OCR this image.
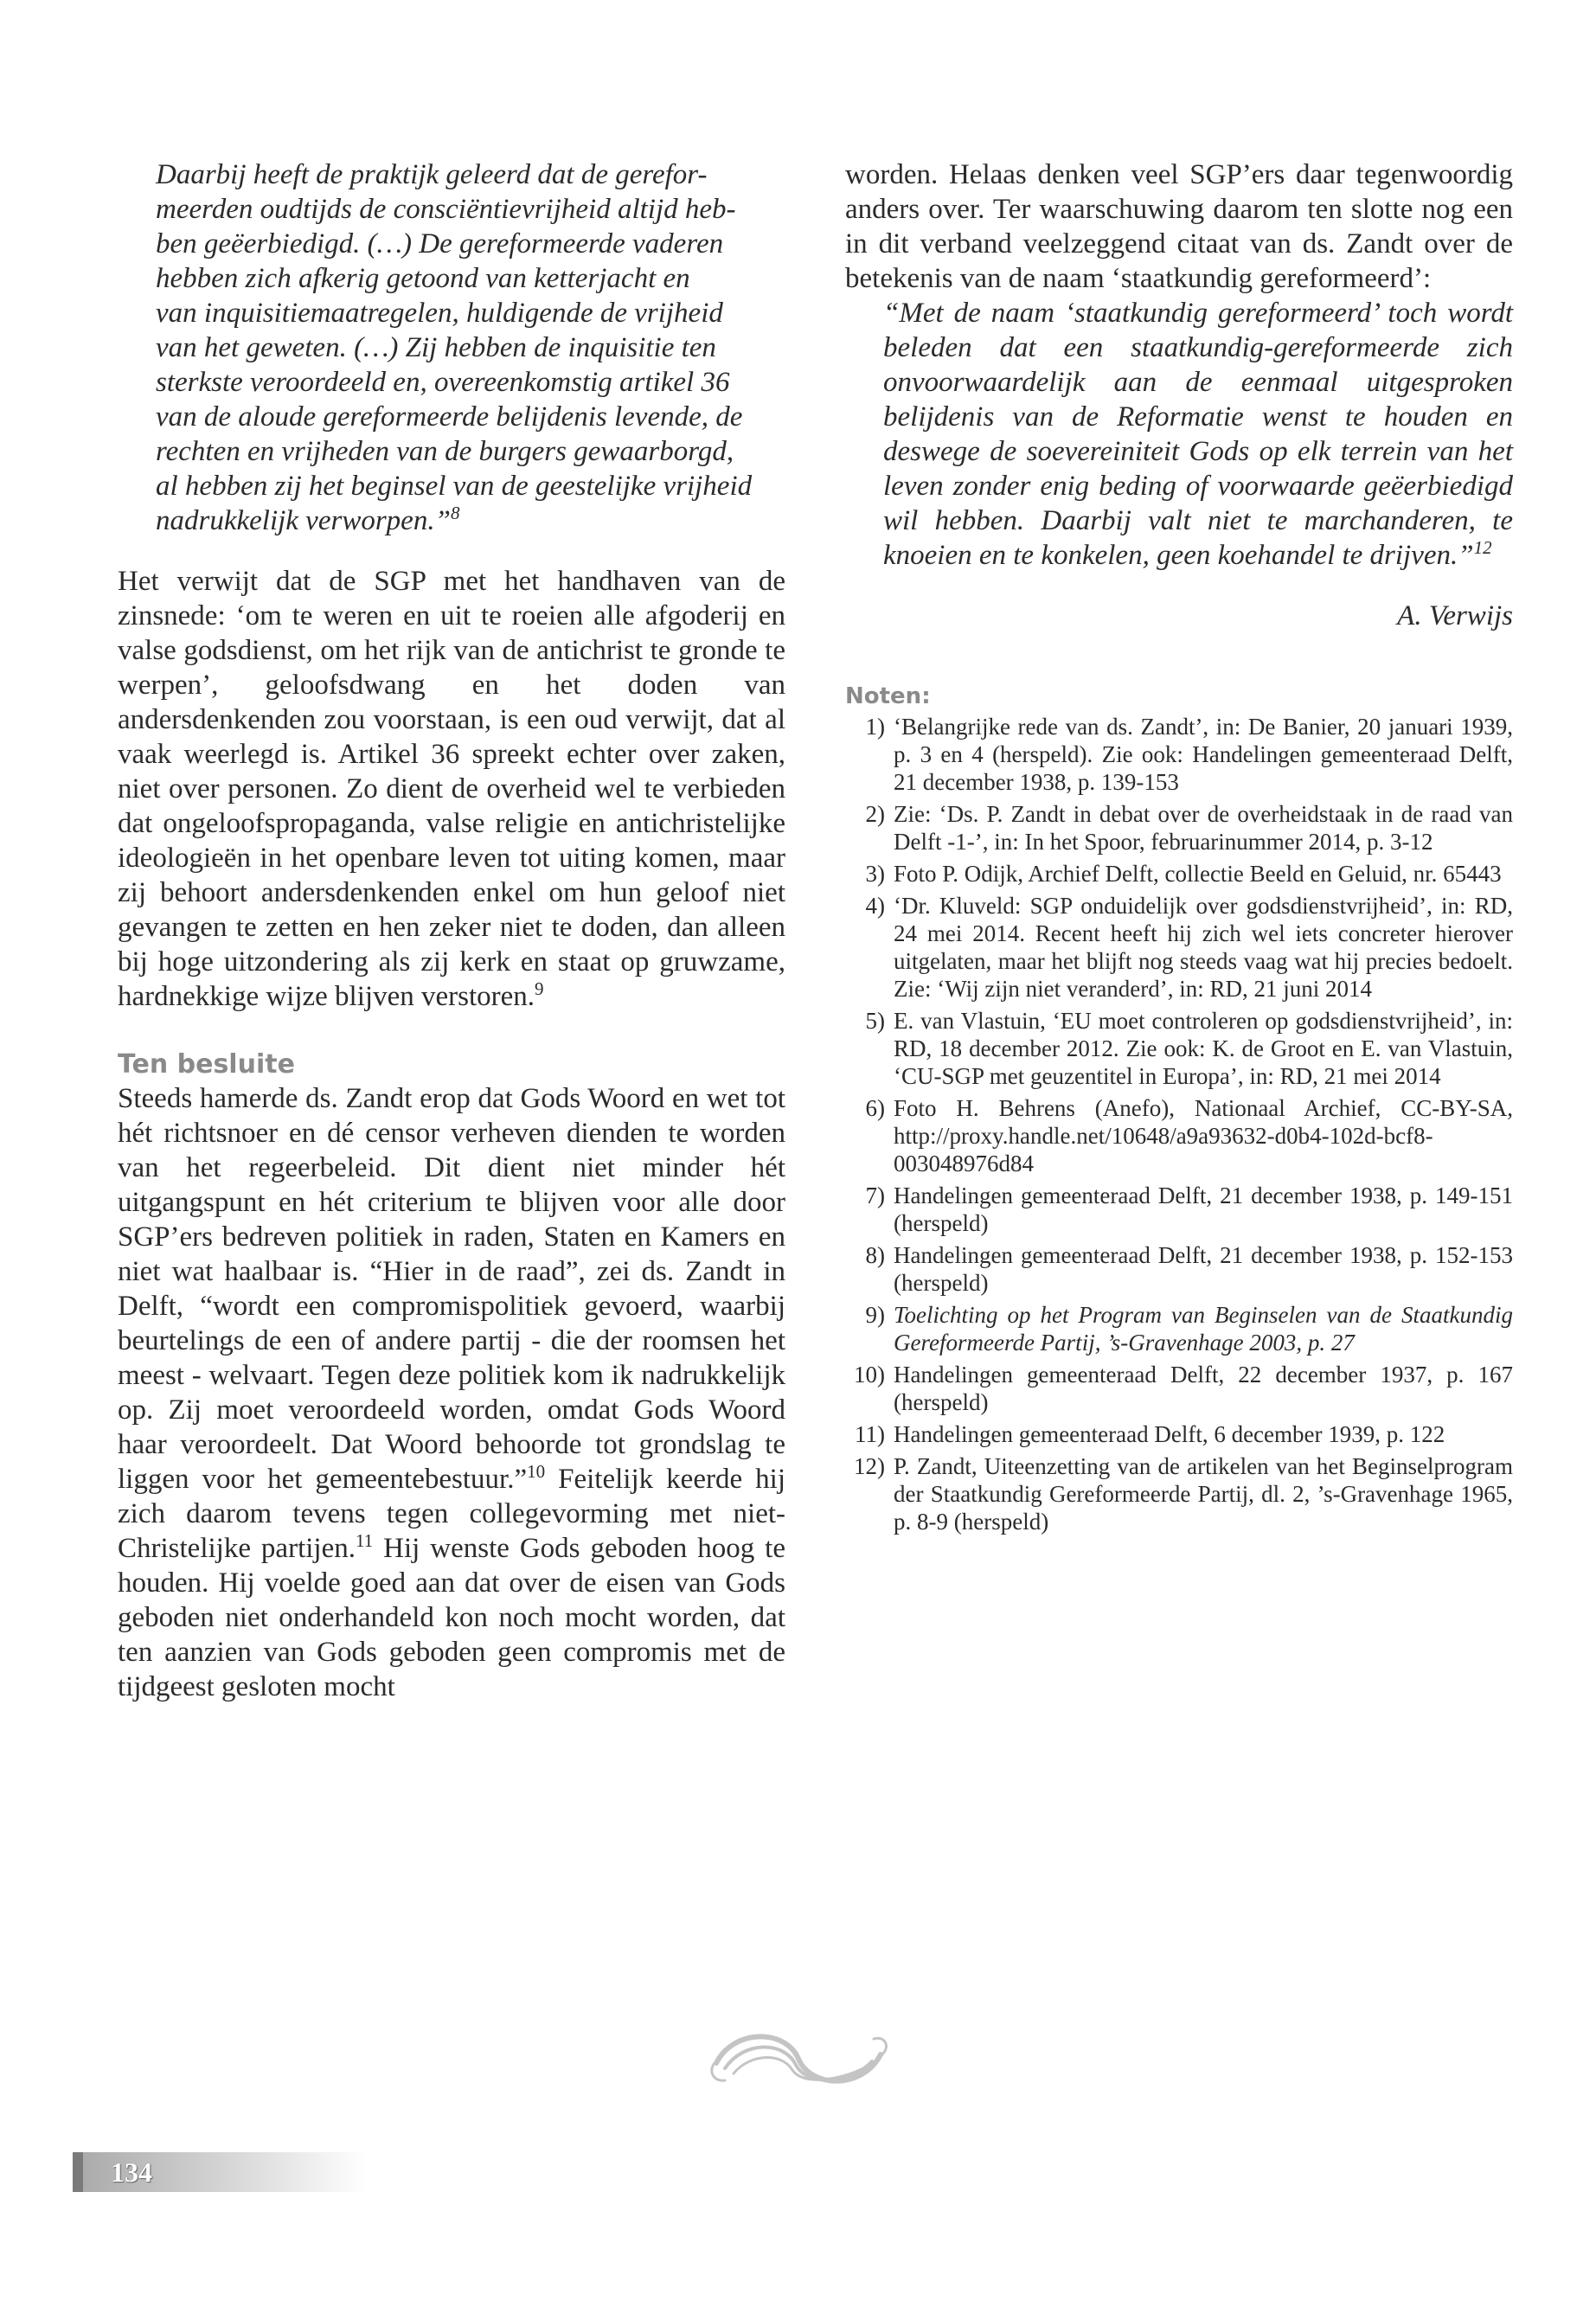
Daarbij heeft de praktijk geleerd dat de gerefor-
meerden oudtijds de consciëntievrijheid altijd heb-
ben geëerbiedigd. (…) De gereformeerde vaderen
hebben zich afkerig getoond van ketterjacht en
van inquisitiemaatregelen, huldigende de vrijheid
van het geweten. (…) Zij hebben de inquisitie ten
sterkste veroordeeld en, overeenkomstig artikel 36
van de aloude gereformeerde belijdenis levende, de
rechten en vrijheden van de burgers gewaarborgd,
al hebben zij het beginsel van de geestelijke vrijheid
nadrukkelijk verworpen.”$^8$

Het verwijt dat de SGP met het handhaven van de zinsnede: ‘om te weren en uit te roeien alle afgoderij en valse godsdienst, om het rijk van de antichrist te gronde te werpen’, geloofsdwang en het doden van andersdenkenden zou voorstaan, is een oud verwijt, dat al vaak weerlegd is. Artikel 36 spreekt echter over zaken, niet over personen. Zo dient de overheid wel te verbieden dat ongeloofspropaganda, valse religie en antichristelijke ideologieën in het openbare leven tot uiting komen, maar zij behoort andersdenkenden enkel om hun geloof niet gevangen te zetten en hen zeker niet te doden, dan alleen bij hoge uitzondering als zij kerk en staat op gruwzame, hardnekkige wijze blijven verstoren.$^9$

Ten besluite

Steeds hamerde ds. Zandt erop dat Gods Woord en wet tot hét richtsnoer en dé censor verheven dienden te worden van het regeerbeleid. Dit dient niet minder hét uitgangspunt en hét criterium te blijven voor alle door SGP’ers bedreven politiek in raden, Staten en Kamers en niet wat haalbaar is. “Hier in de raad”, zei ds. Zandt in Delft, “wordt een compromispolitiek gevoerd, waarbij beurtelings de een of andere partij - die der roomsen het meest - welvaart. Tegen deze politiek kom ik nadrukkelijk op. Zij moet veroordeeld worden, omdat Gods Woord haar veroordeelt. Dat Woord behoorde tot grondslag te liggen voor het gemeentebestuur.”$^{10}$ Feitelijk keerde hij zich daarom tevens tegen collegevorming met niet-Christelijke partijen.$^{11}$ Hij wenste Gods geboden hoog te houden. Hij voelde goed aan dat over de eisen van Gods geboden niet onderhandeld kon noch mocht worden, dat ten aanzien van Gods geboden geen compromis met de tijdgeest gesloten mocht

worden. Helaas denken veel SGP’ers daar tegenwoordig anders over. Ter waarschuwing daarom ten slotte nog een in dit verband veelzeggend citaat van ds. Zandt over de betekenis van de naam ‘staatkundig gereformeerd’:

“Met de naam ‘staatkundig gereformeerd’ toch wordt beleden dat een staatkundig-gereformeerde zich onvoorwaardelijk aan de eenmaal uitgesproken belijdenis van de Reformatie wenst te houden en deswege de soevereiniteit Gods op elk terrein van het leven zonder enig beding of voorwaarde geëerbiedigd wil hebben. Daarbij valt niet te marchanderen, te knoeien en te konkelen, geen koehandel te drijven.”$^{12}$
A. Verwijs
Noten:
1) ‘Belangrijke rede van ds. Zandt’, in: De Banier, 20 januari 1939, p. 3 en 4 (herspeld). Zie ook: Handelingen gemeenteraad Delft, 21 december 1938, p. 139-153
2) Zie: ‘Ds. P. Zandt in debat over de overheidstaak in de raad van Delft -1-’, in: In het Spoor, februarinummer 2014, p. 3-12
3) Foto P. Odijk, Archief Delft, collectie Beeld en Geluid, nr. 65443
4) ‘Dr. Kluveld: SGP onduidelijk over godsdienstvrijheid’, in: RD, 24 mei 2014. Recent heeft hij zich wel iets concreter hierover uitgelaten, maar het blijft nog steeds vaag wat hij precies bedoelt. Zie: ‘Wij zijn niet veranderd’, in: RD, 21 juni 2014
5) E. van Vlastuin, ‘EU moet controleren op godsdienstvrijheid’, in: RD, 18 december 2012. Zie ook: K. de Groot en E. van Vlastuin, ‘CU-SGP met geuzentitel in Europa’, in: RD, 21 mei 2014
6) Foto H. Behrens (Anefo), Nationaal Archief, CC-BY-SA, http://proxy.handle.net/10648/a9a93632-d0b4-102d-bcf8-003048976d84
7) Handelingen gemeenteraad Delft, 21 december 1938, p. 149-151 (herspeld)
8) Handelingen gemeenteraad Delft, 21 december 1938, p. 152-153 (herspeld)
9) Toelichting op het Program van Beginselen van de Staatkundig Gereformeerde Partij, ’s-Gravenhage 2003, p. 27
10) Handelingen gemeenteraad Delft, 22 december 1937, p. 167 (herspeld)
11) Handelingen gemeenteraad Delft, 6 december 1939, p. 122
12) P. Zandt, Uiteenzetting van de artikelen van het Beginselprogram der Staatkundig Gereformeerde Partij, dl. 2, ’s-Gravenhage 1965, p. 8-9 (herspeld)
134
